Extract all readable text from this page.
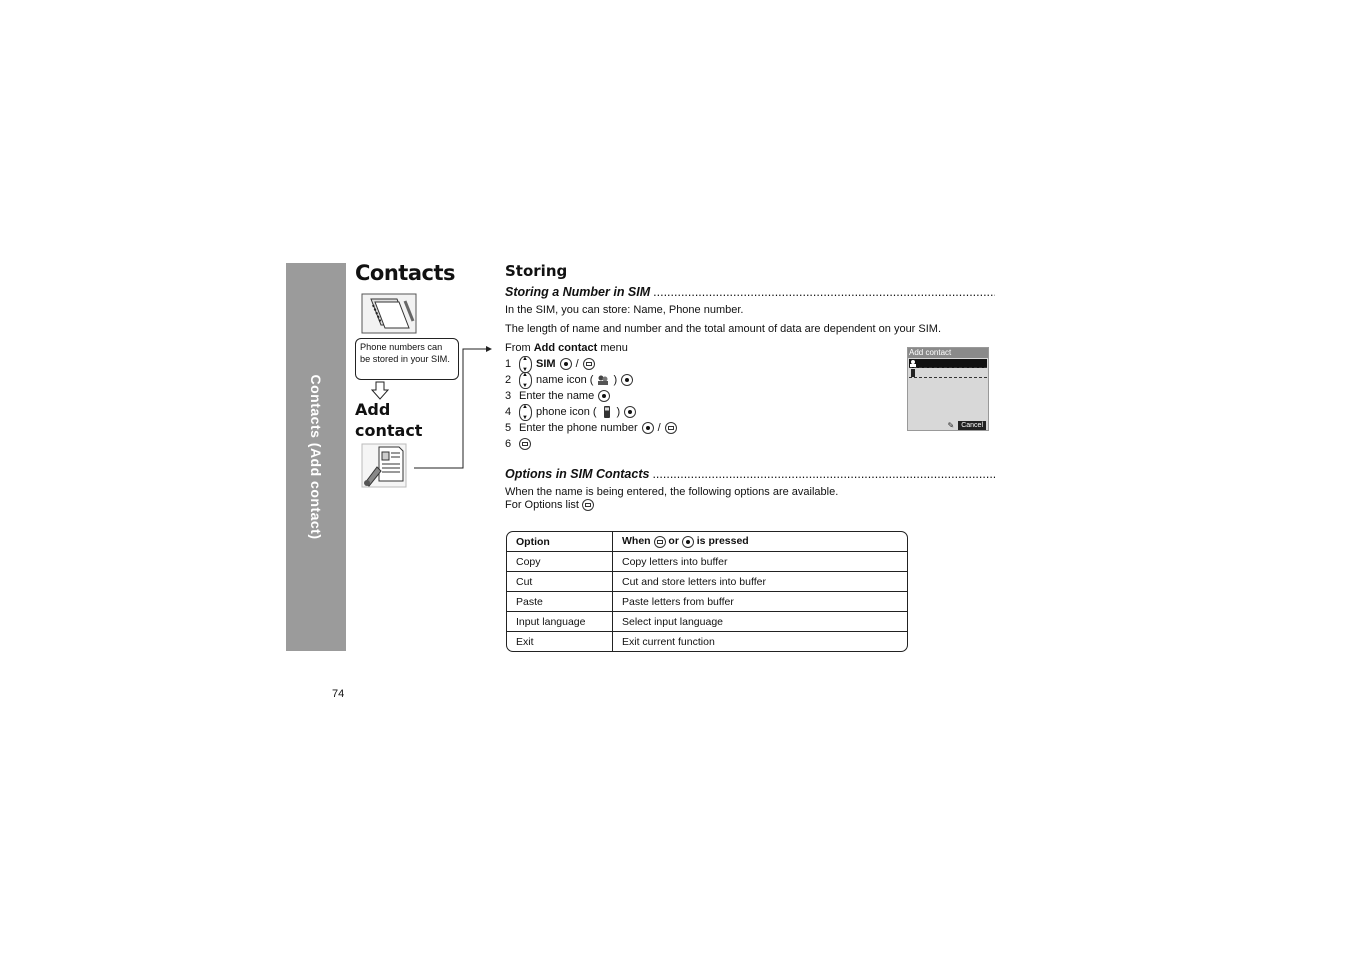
Contacts (Add contact)
Contacts
Phone numbers can be stored in your SIM.
Add
contact
Storing
Storing a Number in SIM
.....
In the SIM, you can store: Name, Phone number.
The length of name and number and the total amount of data are dependent on your SIM.
From Add contact menu
1 ▲ ▼	SIM /
2 ▲ ▼	name icon ( )
3 Enter the name
4 ▲ ▼	phone icon ( )
5 Enter the phone number /
6
Add contact
✎	Cancel
Options in SIM Contacts
.....
When the name is being entered, the following options are available.
For Options list
Option	When or is pressed
Copy	Copy letters into buffer
Cut	Cut and store letters into buffer
Paste	Paste letters from buffer
Input language	Select input language
Exit	Exit current function
74
